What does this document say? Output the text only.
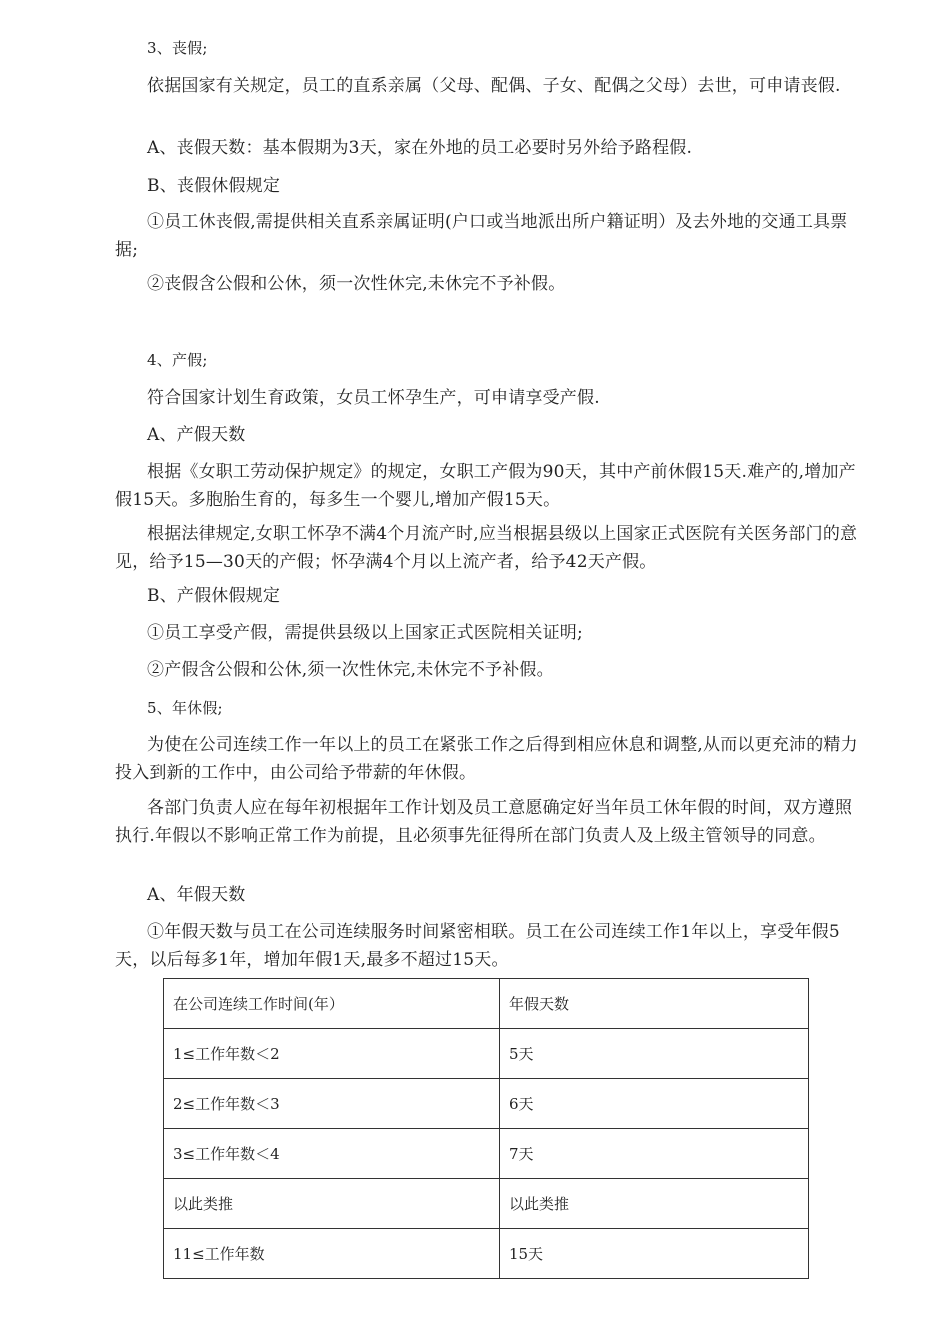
3、丧假;

依据国家有关规定，员工的直系亲属（父母、配偶、子女、配偶之父母）去世，可申请丧假.

A、丧假天数：基本假期为3天，家在外地的员工必要时另外给予路程假.

B、丧假休假规定

①员工休丧假,需提供相关直系亲属证明(户口或当地派出所户籍证明）及去外地的交通工具票据;

②丧假含公假和公休，须一次性休完,未休完不予补假。

4、产假;

符合国家计划生育政策，女员工怀孕生产，可申请享受产假.

A、产假天数

根据《女职工劳动保护规定》的规定，女职工产假为90天，其中产前休假15天.难产的,增加产假15天。多胞胎生育的，每多生一个婴儿,增加产假15天。

根据法律规定,女职工怀孕不满4个月流产时,应当根据县级以上国家正式医院有关医务部门的意见，给予15—30天的产假；怀孕满4个月以上流产者，给予42天产假。

B、产假休假规定

①员工享受产假，需提供县级以上国家正式医院相关证明;

②产假含公假和公休,须一次性休完,未休完不予补假。

5、年休假;

为使在公司连续工作一年以上的员工在紧张工作之后得到相应休息和调整,从而以更充沛的精力投入到新的工作中，由公司给予带薪的年休假。

各部门负责人应在每年初根据年工作计划及员工意愿确定好当年员工休年假的时间，双方遵照执行.年假以不影响正常工作为前提，且必须事先征得所在部门负责人及上级主管领导的同意。

A、年假天数

①年假天数与员工在公司连续服务时间紧密相联。员工在公司连续工作1年以上，享受年假5天，以后每多1年，增加年假1天,最多不超过15天。

在公司连续工作时间(年）	年假天数
1≤工作年数＜2	5天
2≤工作年数＜3	6天
3≤工作年数＜4	7天
以此类推	以此类推
11≤工作年数	15天
